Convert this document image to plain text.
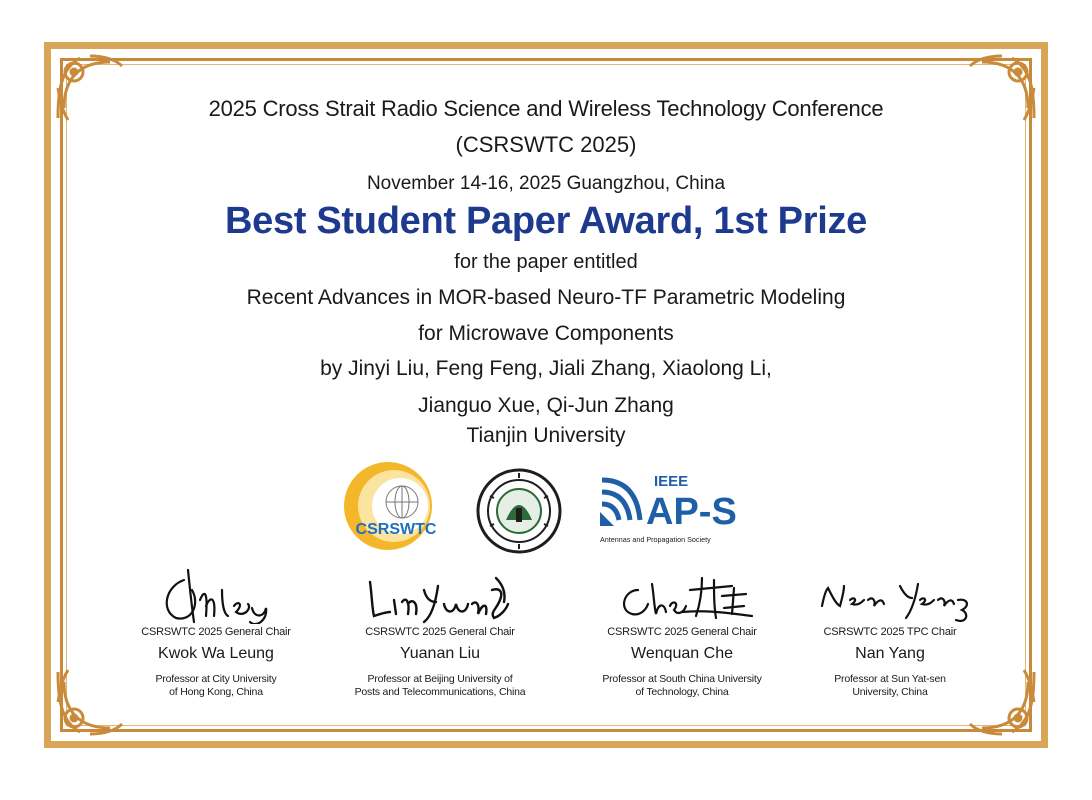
2025 Cross Strait Radio Science and Wireless Technology Conference
(CSRSWTC 2025)
November 14-16, 2025 Guangzhou, China
Best Student Paper Award, 1st Prize
for the paper entitled
Recent Advances in MOR-based Neuro-TF Parametric Modeling
for Microwave Components
by Jinyi Liu, Feng Feng, Jiali Zhang, Xiaolong Li,
Jianguo Xue, Qi-Jun Zhang
Tianjin University
CSRSWTC
IEEE
AP-S
Antennas and Propagation Society
CSRSWTC 2025 General Chair
Kwok Wa Leung
Professor at City University
of Hong Kong, China
CSRSWTC 2025 General Chair
Yuanan Liu
Professor at Beijing University of
Posts and Telecommunications, China
CSRSWTC 2025 General Chair
Wenquan Che
Professor at South China University
of Technology, China
CSRSWTC 2025 TPC Chair
Nan Yang
Professor at Sun Yat-sen
University, China
